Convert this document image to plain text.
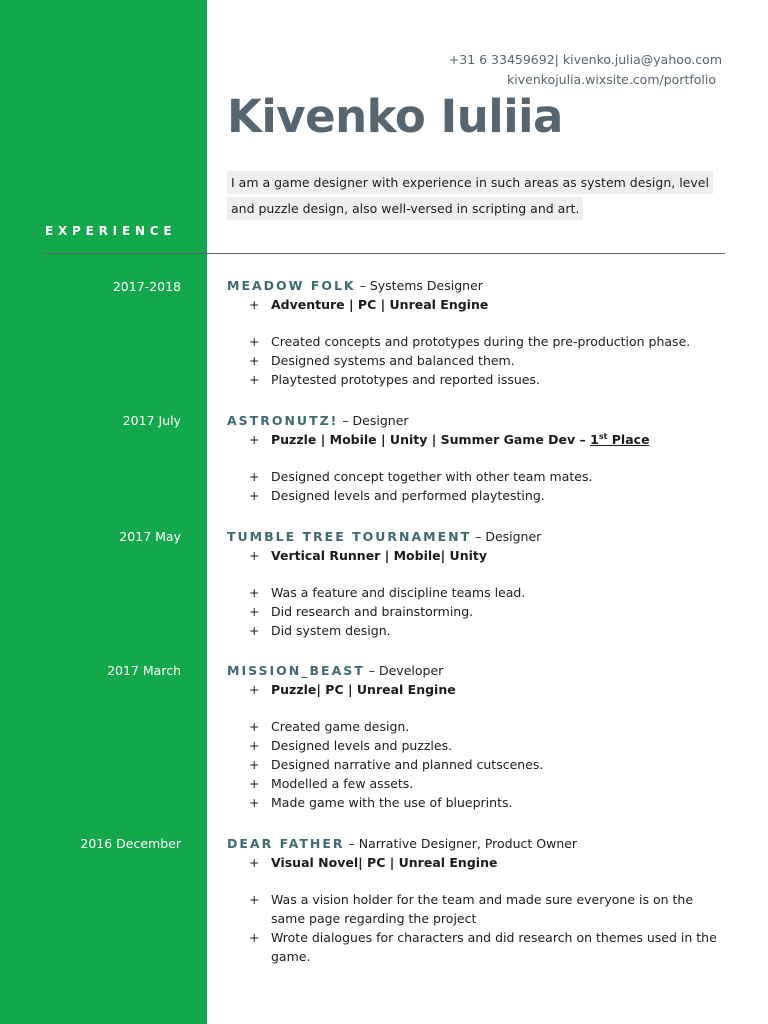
EXPERIENCE
+31 6 33459692| kivenko.julia@yahoo.com
kivenkojulia.wixsite.com/portfolio
Kivenko Iuliia
I am a game designer with experience in such areas as system design, level and puzzle design, also well-versed in scripting and art.
2017-2018	MEADOW FOLK – Systems Designer
+ Adventure | PC | Unreal Engine
+ Created concepts and prototypes during the pre-production phase.
+ Designed systems and balanced them.
+ Playtested prototypes and reported issues.
2017 July	ASTRONUTZ! – Designer
+ Puzzle | Mobile | Unity | Summer Game Dev – 1st Place
+ Designed concept together with other team mates.
+ Designed levels and performed playtesting.
2017 May	TUMBLE TREE TOURNAMENT – Designer
+ Vertical Runner | Mobile| Unity
+ Was a feature and discipline teams lead.
+ Did research and brainstorming.
+ Did system design.
2017 March	MISSION_BEAST – Developer
+ Puzzle| PC | Unreal Engine
+ Created game design.
+ Designed levels and puzzles.
+ Designed narrative and planned cutscenes.
+ Modelled a few assets.
+ Made game with the use of blueprints.
2016 December	DEAR FATHER – Narrative Designer, Product Owner
+ Visual Novel| PC | Unreal Engine
+ Was a vision holder for the team and made sure everyone is on the same page regarding the project
+ Wrote dialogues for characters and did research on themes used in the game.
